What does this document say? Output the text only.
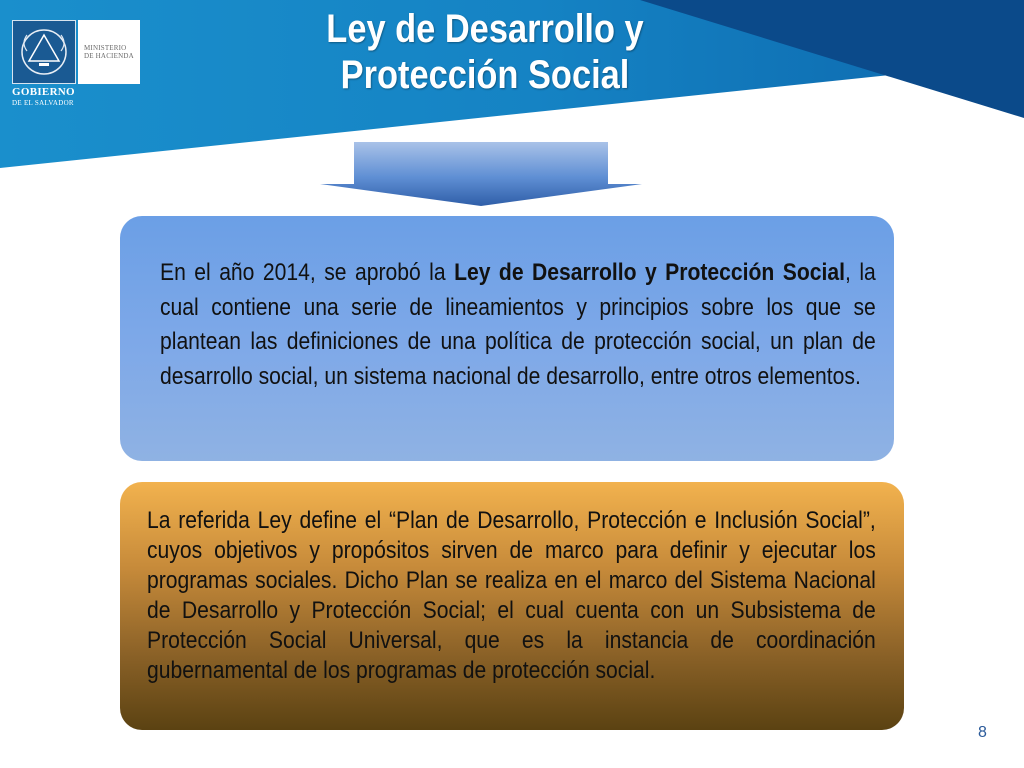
MINISTERIO
DE HACIENDA
GOBIERNO
DE EL SALVADOR
Ley de Desarrollo y
Protección Social
En el año 2014, se aprobó la Ley de Desarrollo y Protección Social, la cual contiene una serie de lineamientos y principios sobre los que se plantean las definiciones de una política de protección social, un plan de desarrollo social, un sistema nacional de desarrollo, entre otros elementos.
La referida Ley define el “Plan de Desarrollo, Protección e Inclusión Social”, cuyos objetivos y propósitos sirven de marco para definir y ejecutar los programas sociales. Dicho Plan se realiza en el marco del Sistema Nacional de Desarrollo y Protección Social; el cual cuenta con un Subsistema de Protección Social Universal, que es la instancia de coordinación gubernamental de los programas de protección social.
8
